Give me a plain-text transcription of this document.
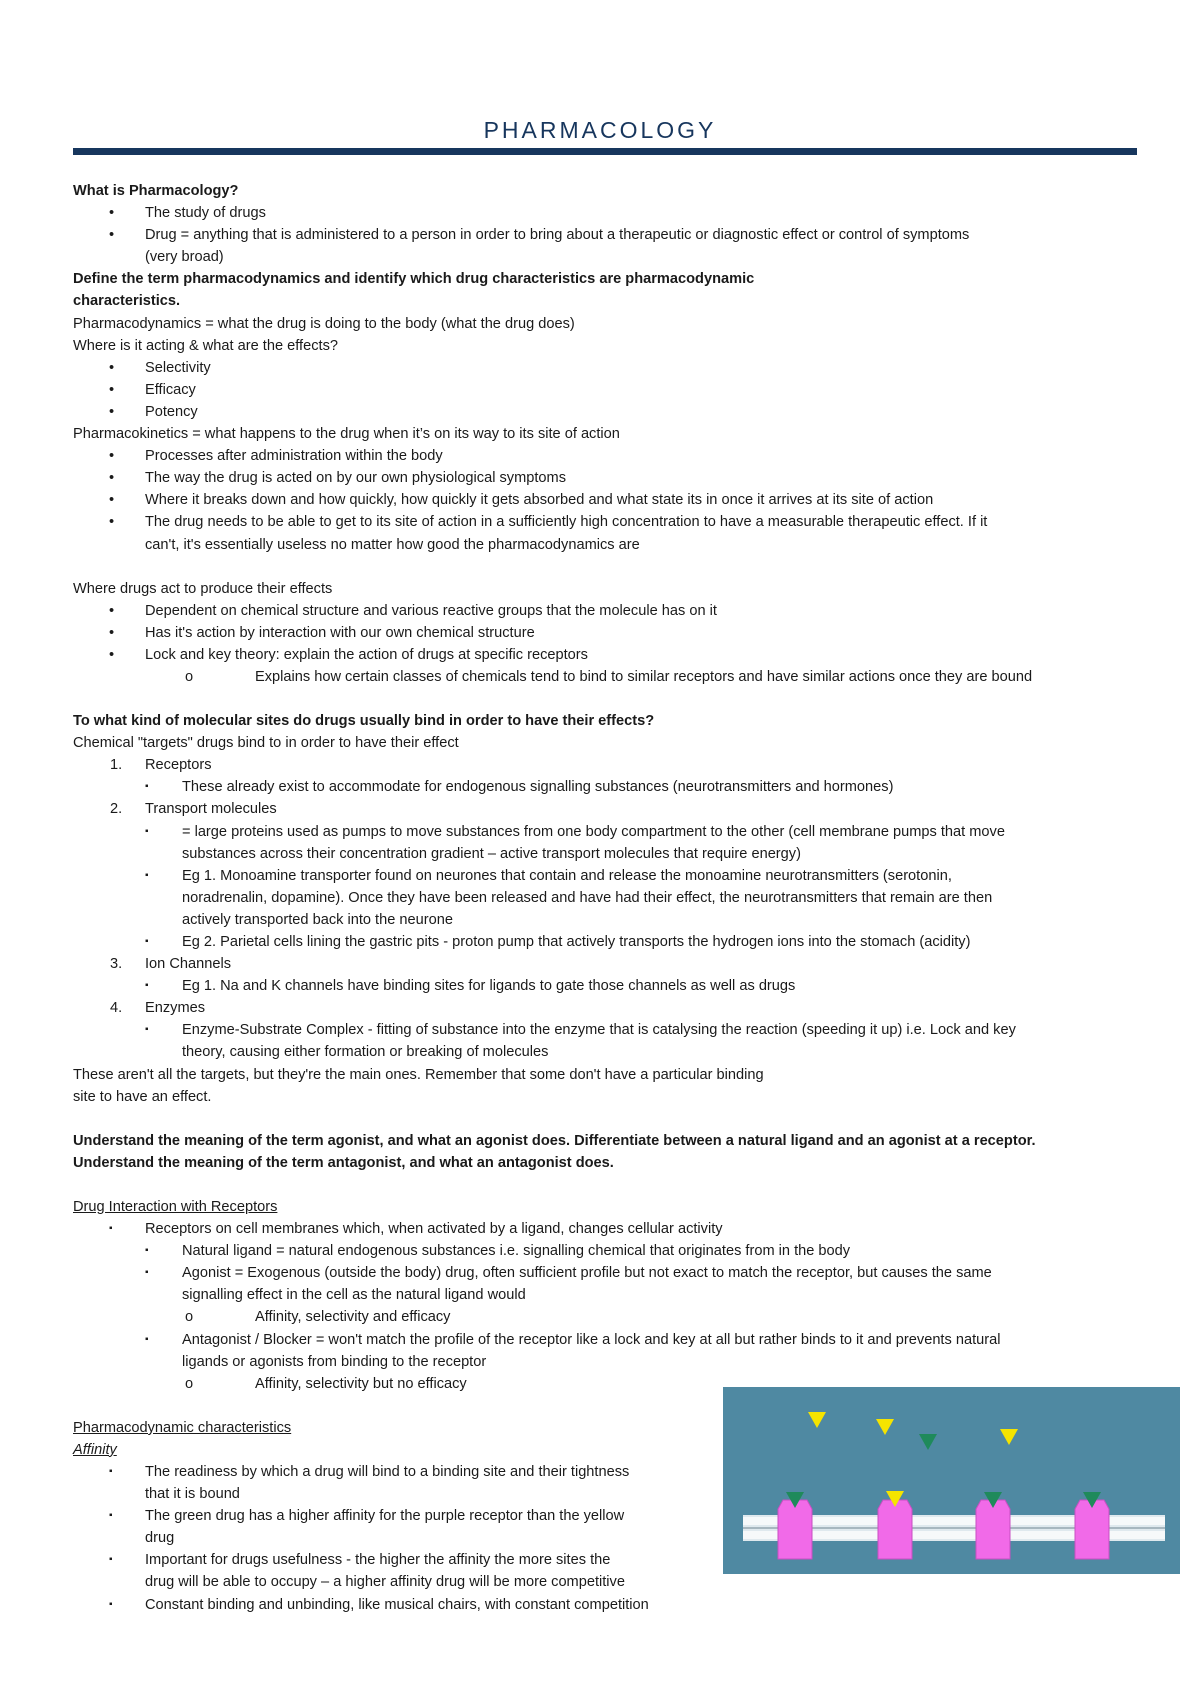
PHARMACOLOGY
What is Pharmacology?
• The study of drugs
• Drug = anything that is administered to a person in order to bring about a therapeutic or diagnostic effect or control of symptoms
(very broad)
Define the term pharmacodynamics and identify which drug characteristics are pharmacodynamic
characteristics.
Pharmacodynamics = what the drug is doing to the body (what the drug does)
Where is it acting & what are the effects?
• Selectivity
• Efficacy
• Potency
Pharmacokinetics = what happens to the drug when it’s on its way to its site of action
• Processes after administration within the body
• The way the drug is acted on by our own physiological symptoms
• Where it breaks down and how quickly, how quickly it gets absorbed and what state its in once it arrives at its site of action
• The drug needs to be able to get to its site of action in a sufficiently high concentration to have a measurable therapeutic effect. If it
can't, it's essentially useless no matter how good the pharmacodynamics are
Where drugs act to produce their effects
• Dependent on chemical structure and various reactive groups that the molecule has on it
• Has it's action by interaction with our own chemical structure
• Lock and key theory: explain the action of drugs at specific receptors
o	Explains how certain classes of chemicals tend to bind to similar receptors and have similar actions once they are bound
To what kind of molecular sites do drugs usually bind in order to have their effects?
Chemical "targets" drugs bind to in order to have their effect
1. Receptors
▪ These already exist to accommodate for endogenous signalling substances (neurotransmitters and hormones)
2. Transport molecules
▪ = large proteins used as pumps to move substances from one body compartment to the other (cell membrane pumps that move
substances across their concentration gradient – active transport molecules that require energy)
▪ Eg 1. Monoamine transporter found on neurones that contain and release the monoamine neurotransmitters (serotonin,
noradrenalin, dopamine). Once they have been released and have had their effect, the neurotransmitters that remain are then
actively transported back into the neurone
▪ Eg 2. Parietal cells lining the gastric pits - proton pump that actively transports the hydrogen ions into the stomach (acidity)
3. Ion Channels
▪ Eg 1. Na and K channels have binding sites for ligands to gate those channels as well as drugs
4. Enzymes
▪ Enzyme-Substrate Complex - fitting of substance into the enzyme that is catalysing the reaction (speeding it up) i.e. Lock and key
theory, causing either formation or breaking of molecules
These aren't all the targets, but they're the main ones. Remember that some don't have a particular binding
site to have an effect.
Understand the meaning of the term agonist, and what an agonist does. Differentiate between a natural ligand and an agonist at a receptor.
Understand the meaning of the term antagonist, and what an antagonist does.
Drug Interaction with Receptors
▪ Receptors on cell membranes which, when activated by a ligand, changes cellular activity
▪ Natural ligand = natural endogenous substances i.e. signalling chemical that originates from in the body
▪ Agonist = Exogenous (outside the body) drug, often sufficient profile but not exact to match the receptor, but causes the same
signalling effect in the cell as the natural ligand would
o	Affinity, selectivity and efficacy
▪ Antagonist / Blocker = won't match the profile of the receptor like a lock and key at all but rather binds to it and prevents natural
ligands or agonists from binding to the receptor
o	Affinity, selectivity but no efficacy
Pharmacodynamic characteristics
Affinity
▪ The readiness by which a drug will bind to a binding site and their tightness
that it is bound
▪ The green drug has a higher affinity for the purple receptor than the yellow
drug
▪ Important for drugs usefulness - the higher the affinity the more sites the
drug will be able to occupy – a higher affinity drug will be more competitive
▪ Constant binding and unbinding, like musical chairs, with constant competition
